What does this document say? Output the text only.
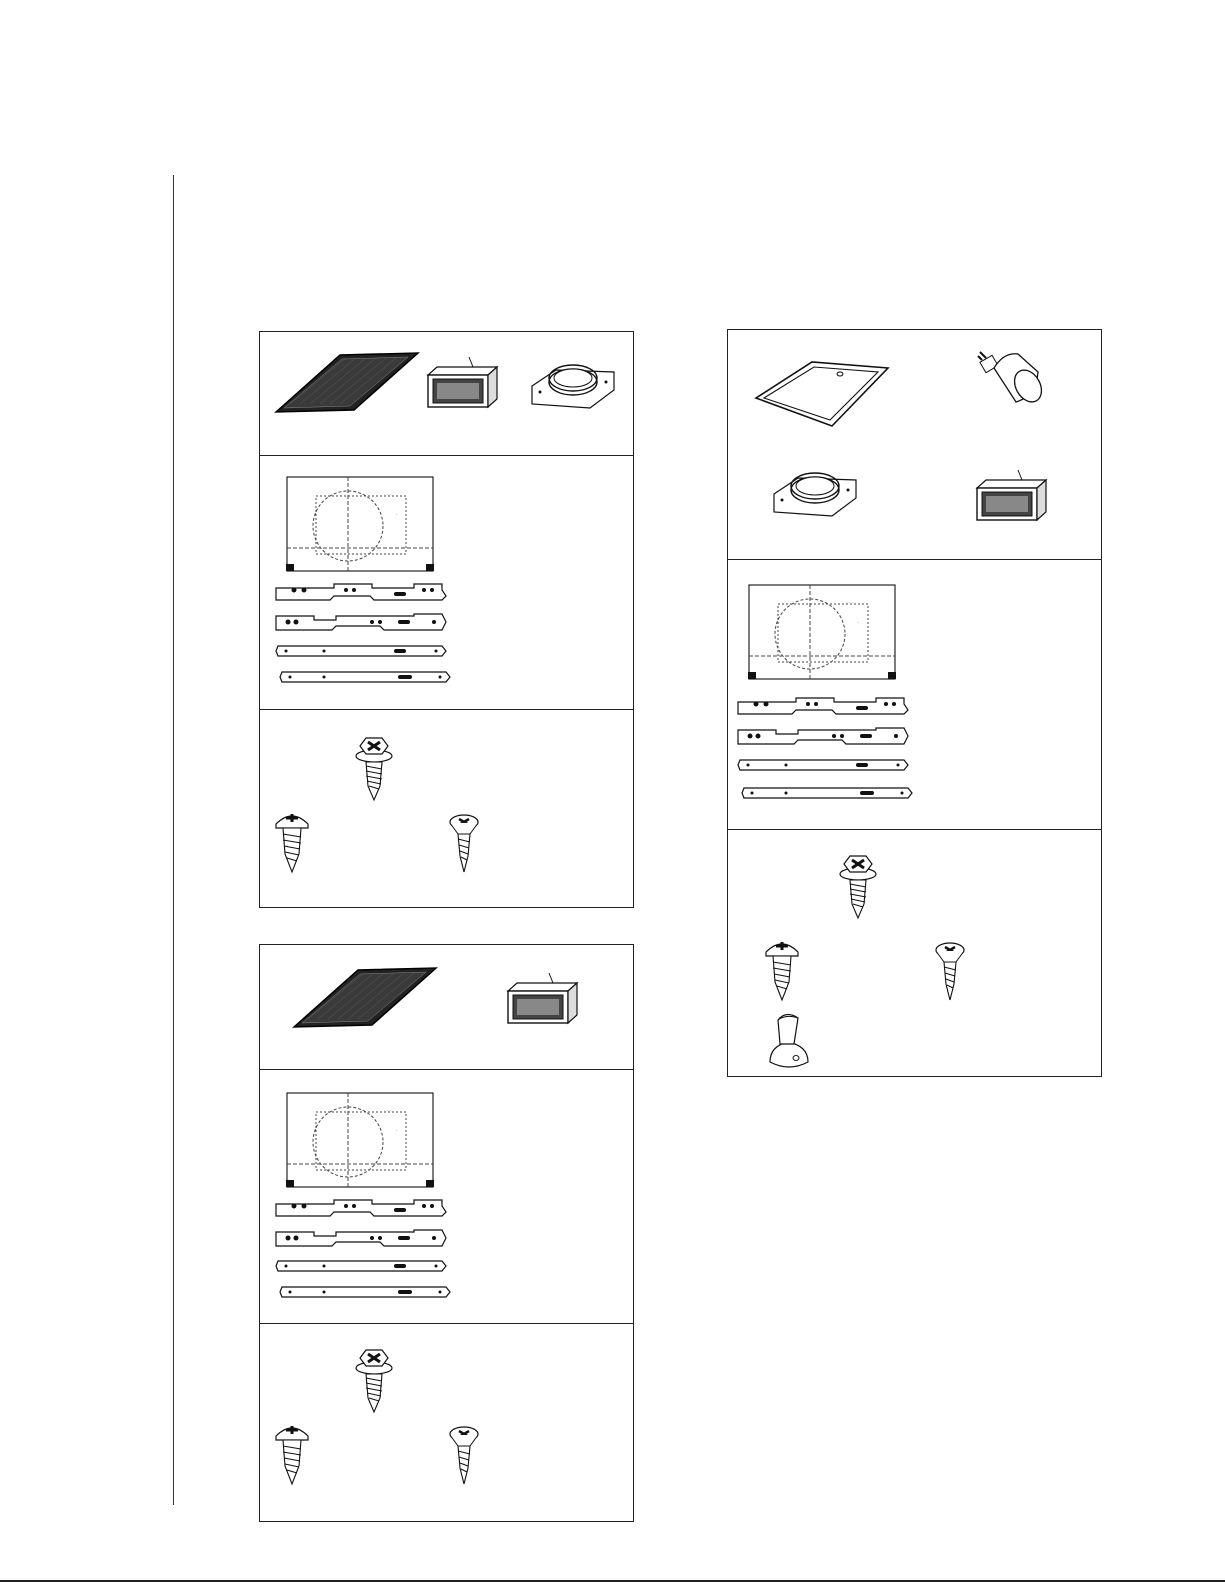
· · ·
·
· · ·
·
· · ·
·
